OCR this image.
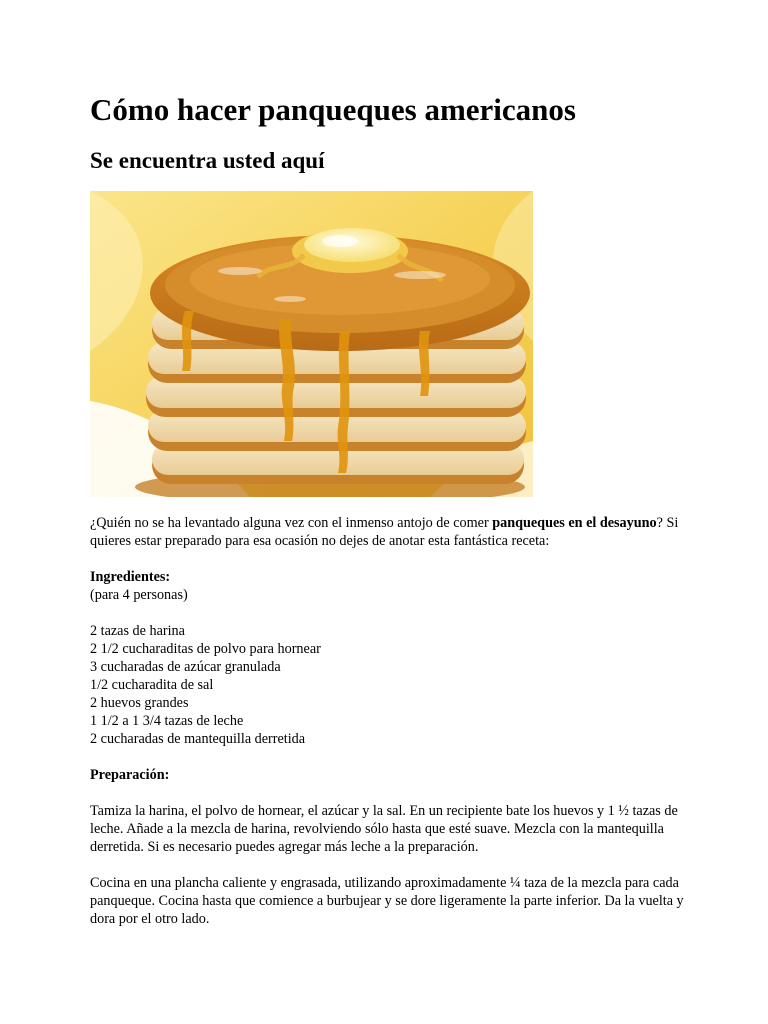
Cómo hacer panqueques americanos
Se encuentra usted aquí

¿Quién no se ha levantado alguna vez con el inmenso antojo de comer panqueques en el desayuno? Si quieres estar preparado para esa ocasión no dejes de anotar esta fantástica receta:

Ingredientes:

(para 4 personas)

2 tazas de harina
2 1/2 cucharaditas de polvo para hornear
3 cucharadas de azúcar granulada
1/2 cucharadita de sal
2 huevos grandes
1 1/2 a 1 3/4 tazas de leche
2 cucharadas de mantequilla derretida

Preparación:

Tamiza la harina, el polvo de hornear, el azúcar y la sal. En un recipiente bate los huevos y 1 ½ tazas de leche. Añade a la mezcla de harina, revolviendo sólo hasta que esté suave. Mezcla con la mantequilla derretida. Si es necesario puedes agregar más leche a la preparación.

Cocina en una plancha caliente y engrasada, utilizando aproximadamente ¼ taza de la mezcla para cada panqueque. Cocina hasta que comience a burbujear y se dore ligeramente la parte inferior. Da la vuelta y dora por el otro lado.
